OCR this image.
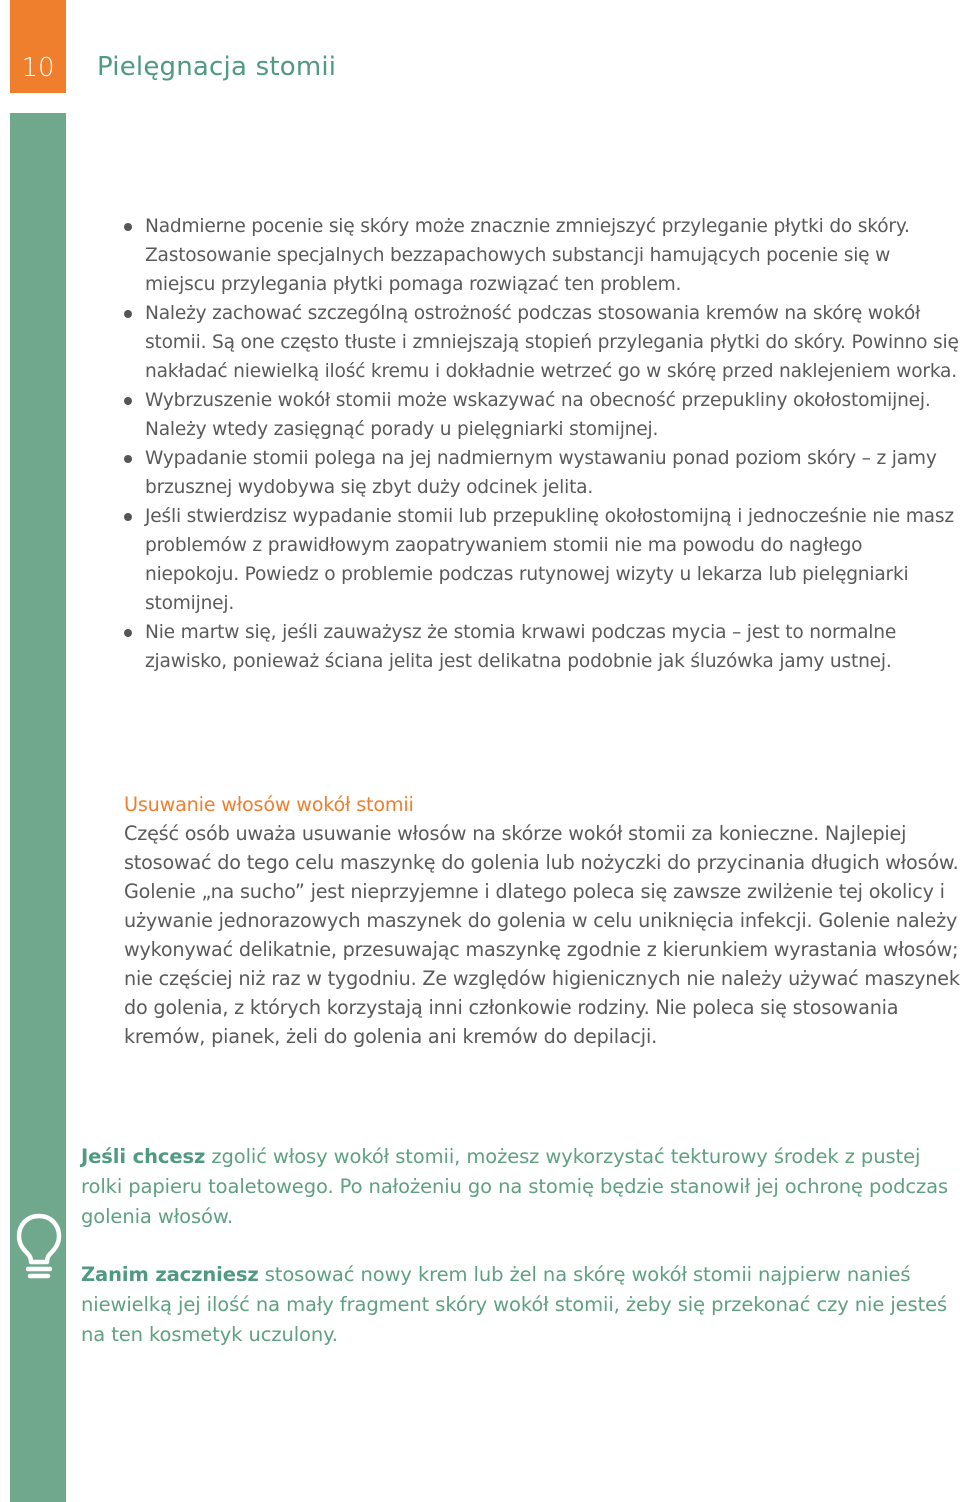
10 Pielęgnacja stomii
Nadmierne pocenie się skóry może znacznie zmniejszyć przyleganie płytki do skóry. Zastosowanie specjalnych bezzapachowych substancji hamujących pocenie się w miejscu przylegania płytki pomaga rozwiązać ten problem.
Należy zachować szczególną ostrożność podczas stosowania kremów na skórę wokół stomii. Są one często tłuste i zmniejszają stopień przylegania płytki do skóry. Powinno się nakładać niewielką ilość kremu i dokładnie wetrzeć go w skórę przed naklejeniem worka.
Wybrzuszenie wokół stomii może wskazywać na obecność przepukliny okołostomijnej. Należy wtedy zasięgnąć porady u pielęgniarki stomijnej.
Wypadanie stomii polega na jej nadmiernym wystawaniu ponad poziom skóry – z jamy brzusznej wydobywa się zbyt duży odcinek jelita.
Jeśli stwierdzisz wypadanie stomii lub przepuklinę okołostomijną i jednocześnie nie masz problemów z prawidłowym zaopatrywaniem stomii nie ma powodu do nagłego niepokoju. Powiedz o problemie podczas rutynowej wizyty u lekarza lub pielęgniarki stomijnej.
Nie martw się, jeśli zauważysz że stomia krwawi podczas mycia – jest to normalne zjawisko, ponieważ ściana jelita jest delikatna podobnie jak śluzówka jamy ustnej.
Usuwanie włosów wokół stomii
Część osób uważa usuwanie włosów na skórze wokół stomii za konieczne. Najlepiej stosować do tego celu maszynkę do golenia lub nożyczki do przycinania długich włosów. Golenie „na sucho” jest nieprzyjemne i dlatego poleca się zawsze zwilżenie tej okolicy i używanie jednorazowych maszynek do golenia w celu uniknięcia infekcji. Golenie należy wykonywać delikatnie, przesuwając maszynkę zgodnie z kierunkiem wyrastania włosów; nie częściej niż raz w tygodniu. Ze względów higienicznych nie należy używać maszynek do golenia, z których korzystają inni członkowie rodziny. Nie poleca się stosowania kremów, pianek, żeli do golenia ani kremów do depilacji.

Jeśli chcesz zgolić włosy wokół stomii, możesz wykorzystać tekturowy środek z pustej rolki papieru toaletowego. Po nałożeniu go na stomię będzie stanowił jej ochronę podczas golenia włosów.

Zanim zaczniesz stosować nowy krem lub żel na skórę wokół stomii najpierw nanieś niewielką jej ilość na mały fragment skóry wokół stomii, żeby się przekonać czy nie jesteś na ten kosmetyk uczulony.
